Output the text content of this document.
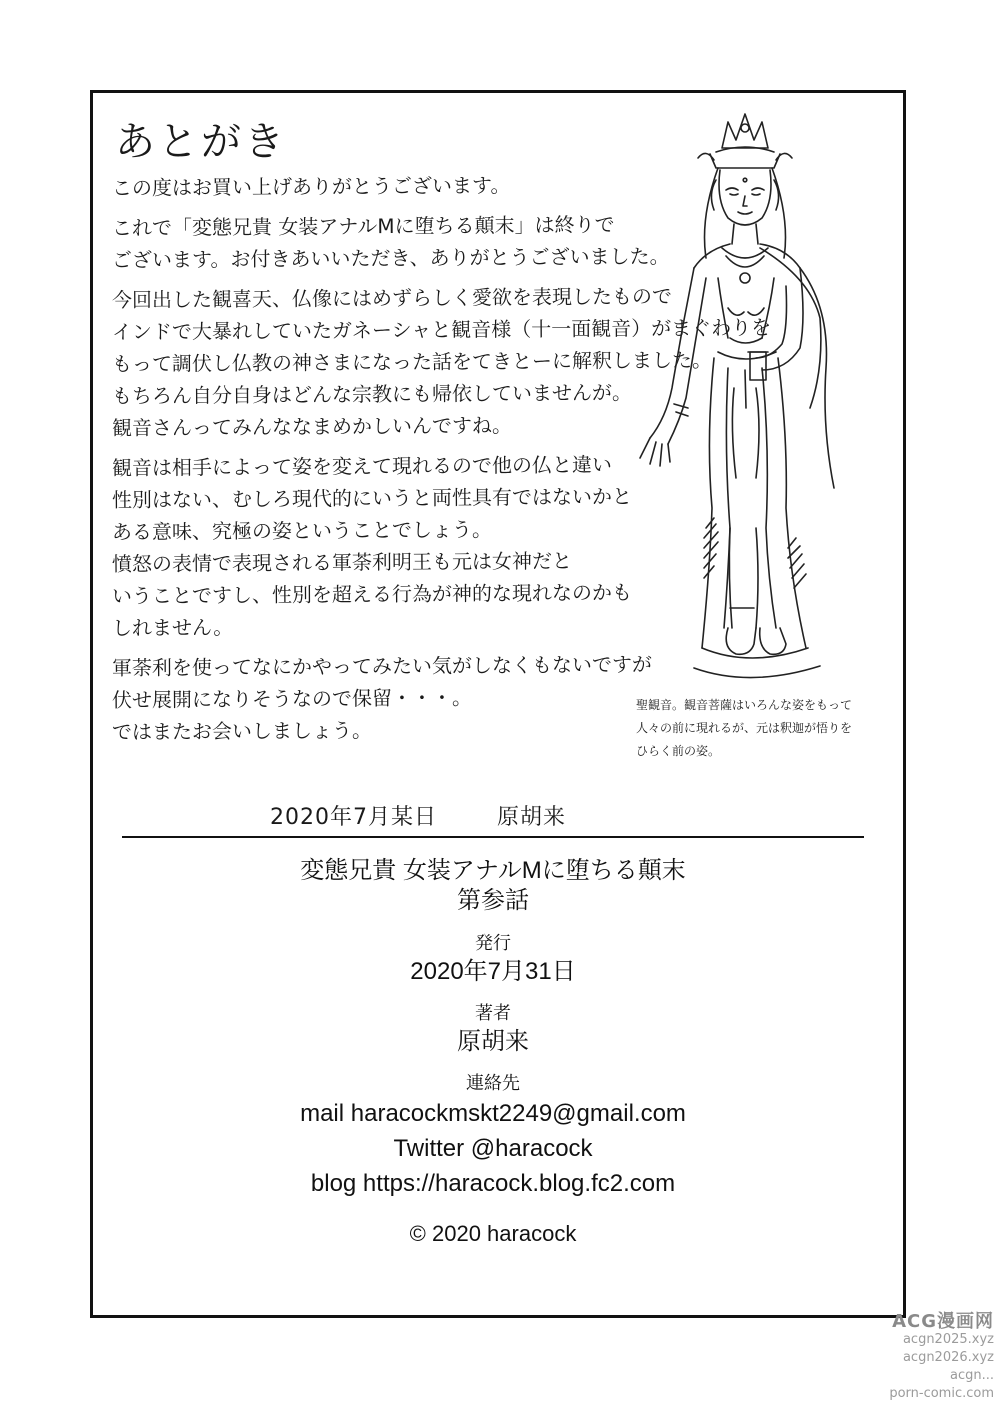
あとがき
この度はお買い上げありがとうございます。
これで「変態兄貴 女装アナルMに堕ちる顛末」は終りで
ございます。お付きあいいただき、ありがとうございました。
今回出した観喜天、仏像にはめずらしく愛欲を表現したもので
インドで大暴れしていたガネーシャと観音様（十一面観音）がまぐわりを
もって調伏し仏教の神さまになった話をてきとーに解釈しました。
もちろん自分自身はどんな宗教にも帰依していませんが。
観音さんってみんななまめかしいんですね。
観音は相手によって姿を変えて現れるので他の仏と違い
性別はない、むしろ現代的にいうと両性具有ではないかと
ある意味、究極の姿ということでしょう。
憤怒の表情で表現される軍荼利明王も元は女神だと
いうことですし、性別を超える行為が神的な現れなのかも
しれません。
軍荼利を使ってなにかやってみたい気がしなくもないですが
伏せ展開になりそうなので保留・・・。
ではまたお会いしましょう。
2020年7月某日	原胡来
聖観音。観音菩薩はいろんな姿をもって
人々の前に現れるが、元は釈迦が悟りを
ひらく前の姿。
変態兄貴 女装アナルMに堕ちる顛末
第参話
発行
2020年7月31日
著者
原胡来
連絡先
mail haracockmskt2249@gmail.com
Twitter @haracock
blog https://haracock.blog.fc2.com
© 2020 haracock
ACG漫画网
acgn2025.xyz
acgn2026.xyz
acgn...
porn-comic.com
